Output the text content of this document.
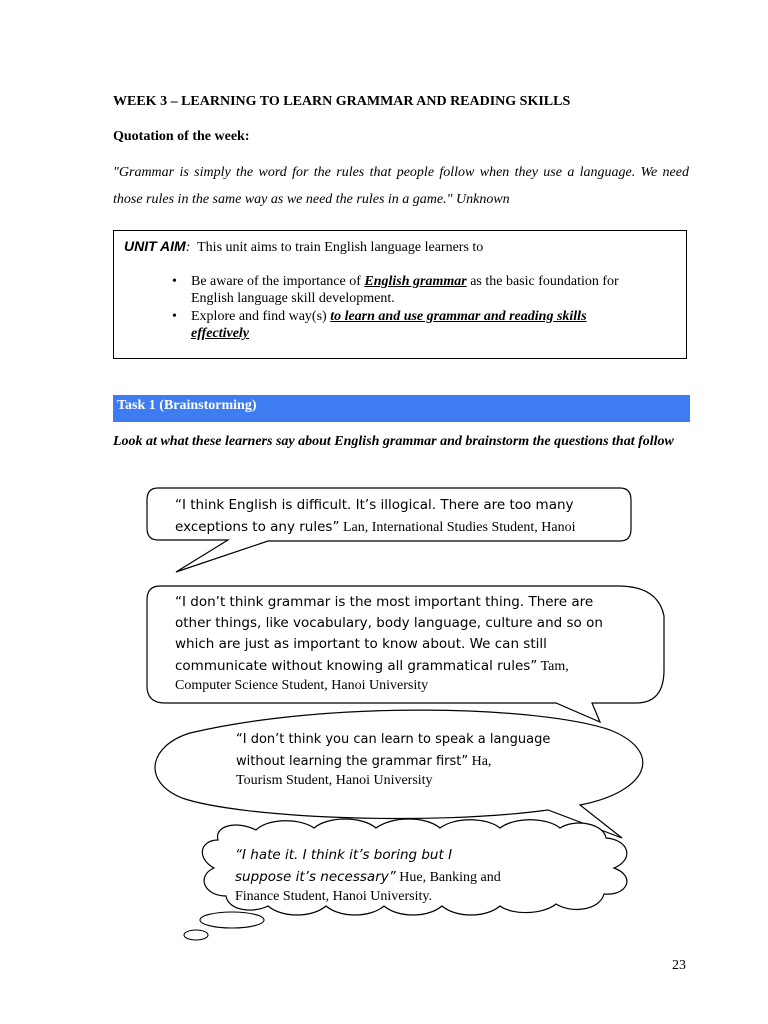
WEEK 3 – LEARNING TO LEARN GRAMMAR AND READING SKILLS
Quotation of the week:
"Grammar is simply the word for the rules that people follow when they use a language. We need those rules in the same way as we need the rules in a game." Unknown
UNIT AIM: This unit aims to train English language learners to
• Be aware of the importance of English grammar as the basic foundation for English language skill development.
• Explore and find way(s) to learn and use grammar and reading skills effectively
Task 1 (Brainstorming)
Look at what these learners say about English grammar and brainstorm the questions that follow
“I think English is difficult. It’s illogical. There are too many
exceptions to any rules” Lan, International Studies Student, Hanoi
“I don’t think grammar is the most important thing. There are
other things, like vocabulary, body language, culture and so on
which are just as important to know about. We can still
communicate without knowing all grammatical rules” Tam,
Computer Science Student, Hanoi University
“I don’t think you can learn to speak a language
without learning the grammar first” Ha,
Tourism Student, Hanoi University
“I hate it. I think it’s boring but I
suppose it’s necessary” Hue, Banking and
Finance Student, Hanoi University.
23
